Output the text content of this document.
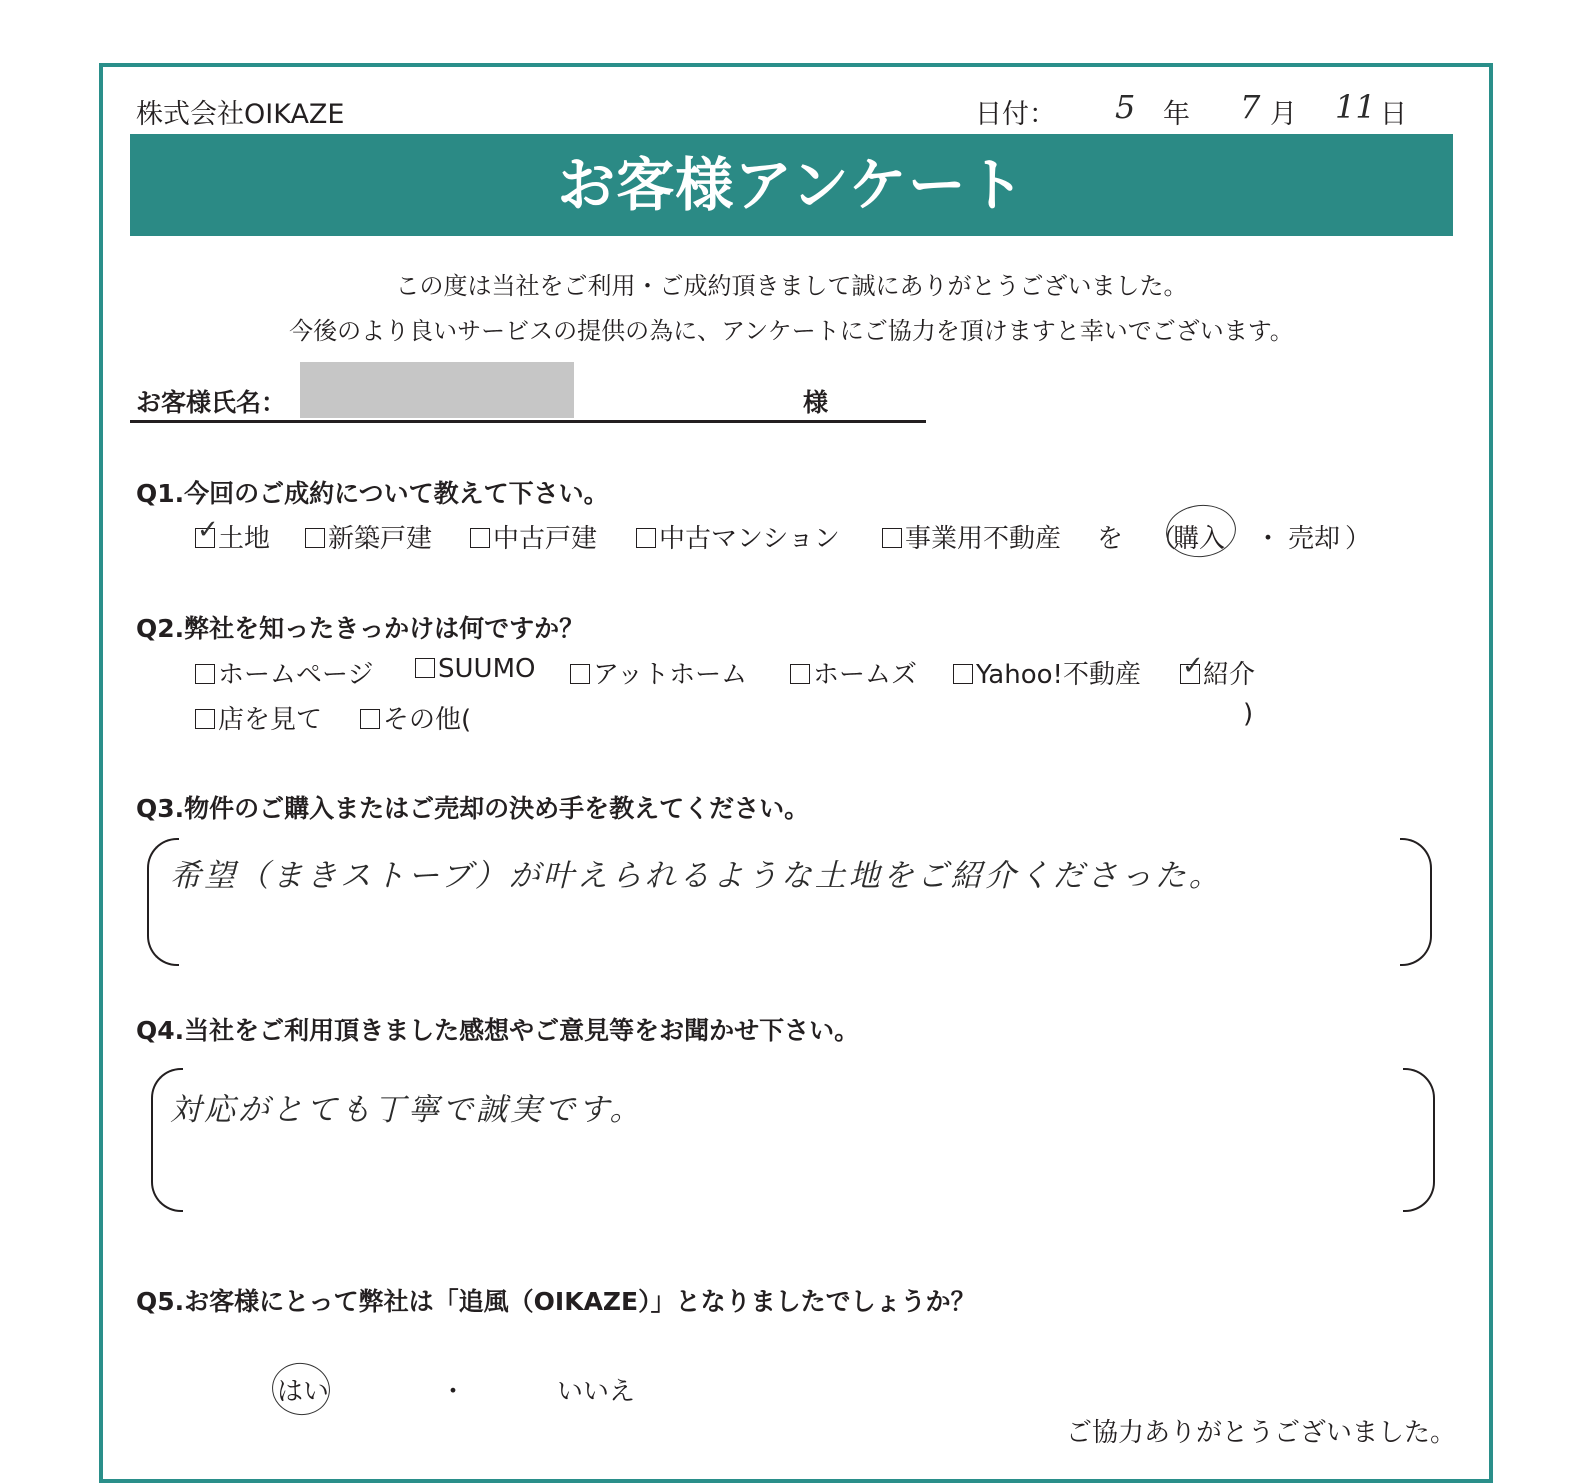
株式会社OIKAZE	日付： 5 年 7 月 11 日
お客様アンケート
この度は当社をご利用・ご成約頂きまして誠にありがとうございました。
今後のより良いサービスの提供の為に、アンケートにご協力を頂けますと幸いでございます。
お客様氏名：	様
Q1.今回のご成約について教えて下さい。
✓ 土地	新築戸建	中古戸建	中古マンション	事業用不動産 を （
購入 ・ 売却 ）
Q2.弊社を知ったきっかけは何ですか？
ホームページ	SUUMO	アットホーム	ホームズ	Yahoo!不動産 ✓ 紹介
店を見て	その他(	)
Q3.物件のご購入またはご売却の決め手を教えてください。
希望（まきストーブ）が叶えられるような土地をご紹介くださった。
Q4.当社をご利用頂きました感想やご意見等をお聞かせ下さい。
対応がとても丁寧で誠実です。
Q5.お客様にとって弊社は「追風（OIKAZE）」となりましたでしょうか？
はい	・	いいえ
ご協力ありがとうございました。
